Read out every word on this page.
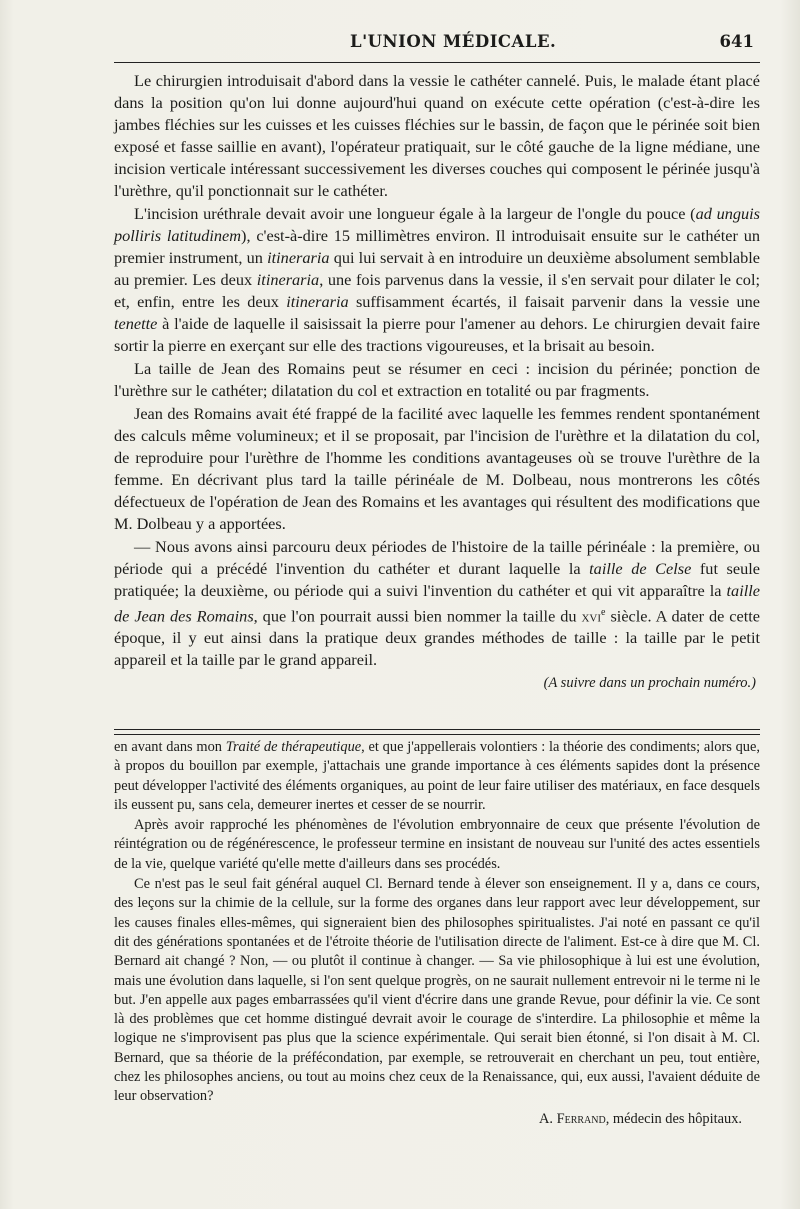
L'UNION MÉDICALE.	641

Le chirurgien introduisait d'abord dans la vessie le cathéter cannelé. Puis, le malade étant placé dans la position qu'on lui donne aujourd'hui quand on exécute cette opération (c'est-à-dire les jambes fléchies sur les cuisses et les cuisses fléchies sur le bassin, de façon que le périnée soit bien exposé et fasse saillie en avant), l'opérateur pratiquait, sur le côté gauche de la ligne médiane, une incision verticale intéressant successivement les diverses couches qui composent le périnée jusqu'à l'urèthre, qu'il ponctionnait sur le cathéter.

L'incision uréthrale devait avoir une longueur égale à la largeur de l'ongle du pouce (ad unguis polliris latitudinem), c'est-à-dire 15 millimètres environ. Il introduisait ensuite sur le cathéter un premier instrument, un itineraria qui lui servait à en introduire un deuxième absolument semblable au premier. Les deux itineraria, une fois parvenus dans la vessie, il s'en servait pour dilater le col; et, enfin, entre les deux itineraria suffisamment écartés, il faisait parvenir dans la vessie une tenette à l'aide de laquelle il saisissait la pierre pour l'amener au dehors. Le chirurgien devait faire sortir la pierre en exerçant sur elle des tractions vigoureuses, et la brisait au besoin.

La taille de Jean des Romains peut se résumer en ceci : incision du périnée; ponction de l'urèthre sur le cathéter; dilatation du col et extraction en totalité ou par fragments.

Jean des Romains avait été frappé de la facilité avec laquelle les femmes rendent spontanément des calculs même volumineux; et il se proposait, par l'incision de l'urèthre et la dilatation du col, de reproduire pour l'urèthre de l'homme les conditions avantageuses où se trouve l'urèthre de la femme. En décrivant plus tard la taille périnéale de M. Dolbeau, nous montrerons les côtés défectueux de l'opération de Jean des Romains et les avantages qui résultent des modifications que M. Dolbeau y a apportées.

— Nous avons ainsi parcouru deux périodes de l'histoire de la taille périnéale : la première, ou période qui a précédé l'invention du cathéter et durant laquelle la taille de Celse fut seule pratiquée; la deuxième, ou période qui a suivi l'invention du cathéter et qui vit apparaître la taille de Jean des Romains, que l'on pourrait aussi bien nommer la taille du xvi$^e$ siècle. A dater de cette époque, il y eut ainsi dans la pratique deux grandes méthodes de taille : la taille par le petit appareil et la taille par le grand appareil.

(A suivre dans un prochain numéro.)

en avant dans mon Traité de thérapeutique, et que j'appellerais volontiers : la théorie des condiments; alors que, à propos du bouillon par exemple, j'attachais une grande importance à ces éléments sapides dont la présence peut développer l'activité des éléments organiques, au point de leur faire utiliser des matériaux, en face desquels ils eussent pu, sans cela, demeurer inertes et cesser de se nourrir.

Après avoir rapproché les phénomènes de l'évolution embryonnaire de ceux que présente l'évolution de réintégration ou de régénérescence, le professeur termine en insistant de nouveau sur l'unité des actes essentiels de la vie, quelque variété qu'elle mette d'ailleurs dans ses procédés.

Ce n'est pas le seul fait général auquel Cl. Bernard tende à élever son enseignement. Il y a, dans ce cours, des leçons sur la chimie de la cellule, sur la forme des organes dans leur rapport avec leur développement, sur les causes finales elles-mêmes, qui signeraient bien des philosophes spiritualistes. J'ai noté en passant ce qu'il dit des générations spontanées et de l'étroite théorie de l'utilisation directe de l'aliment. Est-ce à dire que M. Cl. Bernard ait changé ? Non, — ou plutôt il continue à changer. — Sa vie philosophique à lui est une évolution, mais une évolution dans laquelle, si l'on sent quelque progrès, on ne saurait nullement entrevoir ni le terme ni le but. J'en appelle aux pages embarrassées qu'il vient d'écrire dans une grande Revue, pour définir la vie. Ce sont là des problèmes que cet homme distingué devrait avoir le courage de s'interdire. La philosophie et même la logique ne s'improvisent pas plus que la science expérimentale. Qui serait bien étonné, si l'on disait à M. Cl. Bernard, que sa théorie de la préfécondation, par exemple, se retrouverait en cherchant un peu, tout entière, chez les philosophes anciens, ou tout au moins chez ceux de la Renaissance, qui, eux aussi, l'avaient déduite de leur observation?

A. Ferrand, médecin des hôpitaux.
